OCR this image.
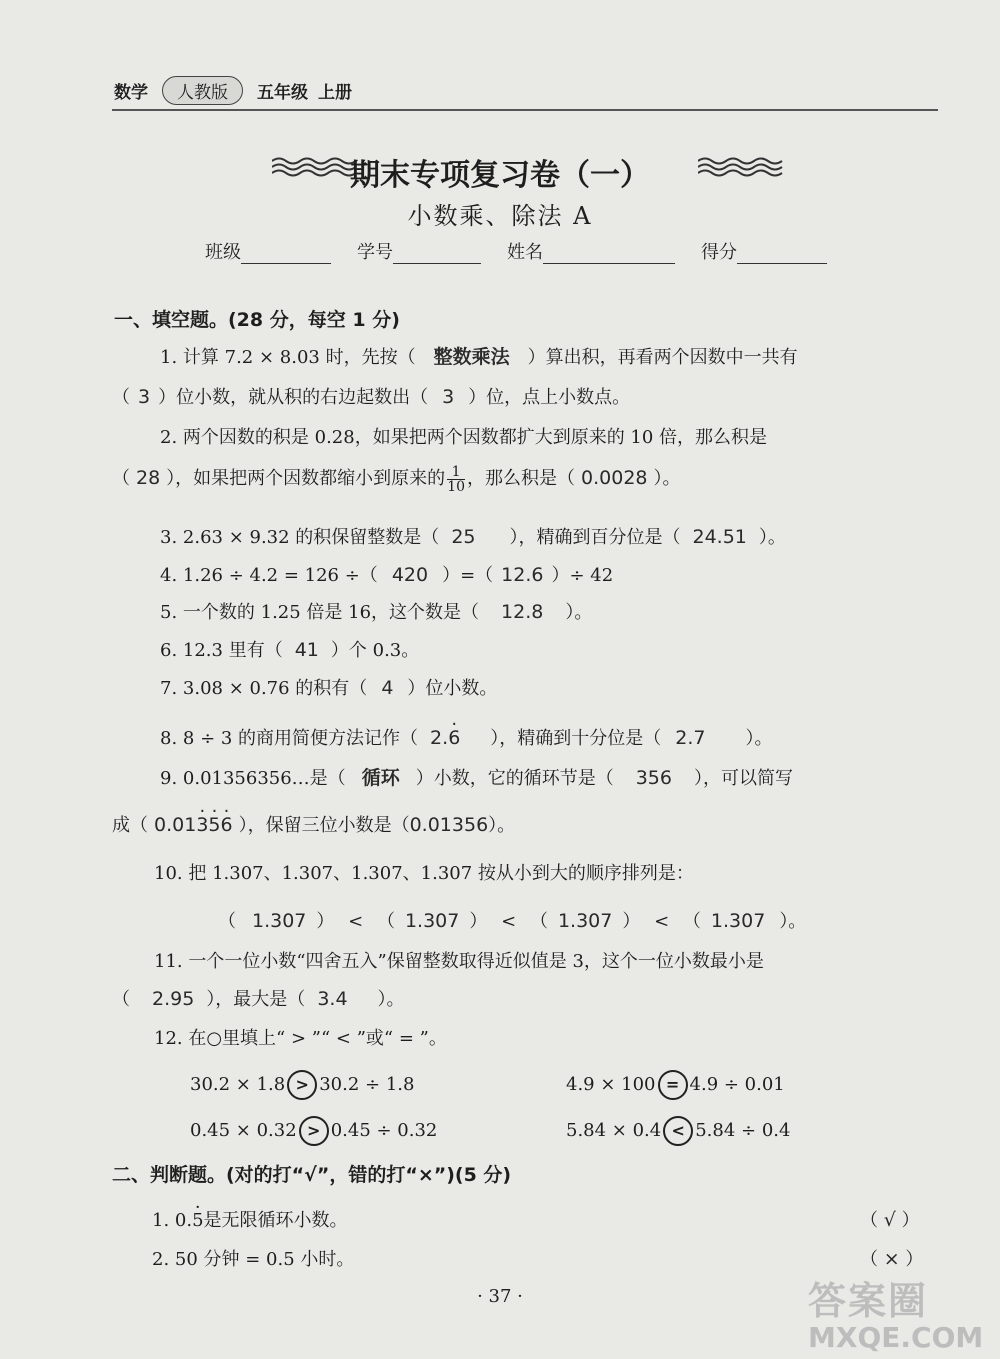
数学	人教版	五年级 上册
期末专项复习卷（一）
小数乘、除法 A
班级	学号	姓名	得分
一、填空题。(28 分，每空 1 分)
1. 计算 7.2 × 8.03 时，先按（ 整数乘法 ）算出积，再看两个因数中一共有
（ 3 ）位小数，就从积的右边起数出（ 3 ）位，点上小数点。
2. 两个因数的积是 0.28，如果把两个因数都扩大到原来的 10 倍，那么积是
（ 28 ），如果把两个因数都缩小到原来的 $\frac{1}{10}$ ，那么积是（ 0.0028 ）。
3. 2.63 × 9.32 的积保留整数是（ 25 ），精确到百分位是（ 24.51 ）。
4. 1.26 ÷ 4.2 = 126 ÷（ 420 ）=（ 12.6 ）÷ 42
5. 一个数的 1.25 倍是 16，这个数是（ 12.8 ）。
6. 12.3 里有（ 41 ）个 0.3。
7. 3.08 × 0.76 的积有（ 4 ）位小数。
8. 8 ÷ 3 的商用简便方法记作（ 2.· 6 ），精确到十分位是（ 2.7 ）。
9. 0.01356356…是（ 循环 ）小数，它的循环节是（ 356 ），可以简写
成（ 0.01· 3· 5· 6 ），保留三位小数是（0.01356）。
10. 把 1.307、1.307、1.307、1.307 按从小到大的顺序排列是：
（ 1.307 ） < （ 1.307 ） < （ 1.307 ） < （ 1.307 ）。
11. 一个一位小数“四舍五入”保留整数取得近似值是 3，这个一位小数最小是
（ 2.95 ），最大是（ 3.4 ）。
12. 在○里填上“ > ”“ < ”或“ = ”。
30.2 × 1.8 > 30.2 ÷ 1.8	4.9 × 100 = 4.9 ÷ 0.01
0.45 × 0.32 > 0.45 ÷ 0.32	5.84 × 0.4 < 5.84 ÷ 0.4
二、判断题。(对的打“√”，错的打“×”)(5 分)
1. 0.· 5是无限循环小数。	（ √ ）
2. 50 分钟 = 0.5 小时。	（ × ）
· 37 ·	答案圈
MXQE.COM
